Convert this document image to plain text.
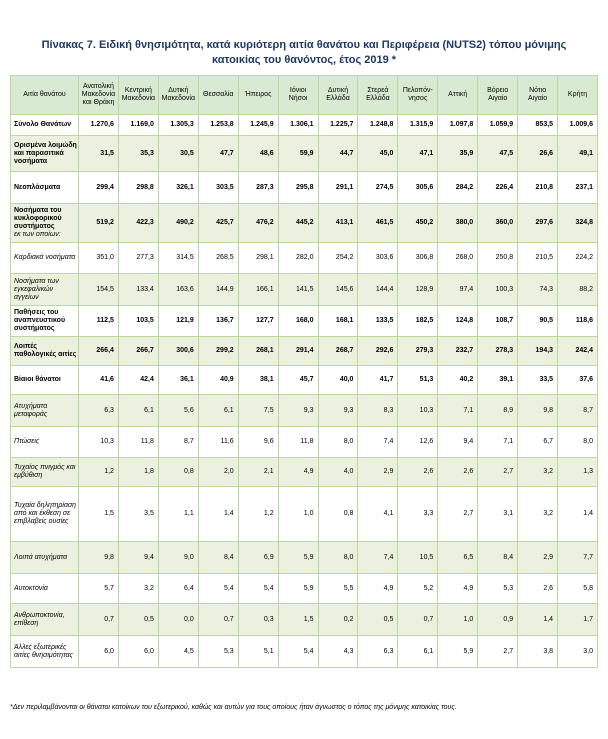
Πίνακας 7. Ειδική θνησιμότητα, κατά κυριότερη αιτία θανάτου και Περιφέρεια (NUTS2) τόπου μόνιμης
κατοικίας του θανόντος, έτος 2019 *
Αιτία θανάτου	Ανατολική Μακεδονία και Θράκη	Κεντρική Μακεδονία	Δυτική Μακεδονία	Θεσσαλία	Ήπειρος	Ιόνιοι Νήσοι	Δυτική Ελλάδα	Στερεά Ελλάδα	Πελοπόν-νησος	Αττική	Βόρειο Αιγαίο	Νότιο Αιγαίο	Κρήτη
Σύνολο Θανάτων	1.270,6	1.169,0	1.305,3	1.253,8	1.245,9	1.306,1	1.225,7	1.248,8	1.315,9	1.097,8	1.059,9	853,5	1.009,6
Ορισμένα λοιμώδη και παρασιτικά νοσήματα	31,5	35,3	30,5	47,7	48,6	59,9	44,7	45,0	47,1	35,9	47,5	26,6	49,1
Νεοπλάσματα	299,4	298,8	326,1	303,5	287,3	295,8	291,1	274,5	305,6	284,2	226,4	210,8	237,1
Νοσήματα του κυκλοφορικού συστήματος
εκ των οποίων:	519,2	422,3	490,2	425,7	476,2	445,2	413,1	461,5	450,2	380,0	360,0	297,6	324,8
Καρδιακά νοσήματα	351,0	277,3	314,5	268,5	298,1	282,0	254,2	303,6	306,8	268,0	250,8	210,5	224,2
Νοσήματα των εγκεφαλικών αγγείων	154,5	133,4	163,6	144,9	166,1	141,5	145,6	144,4	128,9	97,4	100,3	74,3	88,2
Παθήσεις του αναπνευστικού συστήματος	112,5	103,5	121,9	136,7	127,7	168,0	168,1	133,5	182,5	124,8	108,7	90,5	118,6
Λοιπές παθολογικές αιτίες	266,4	266,7	300,6	299,2	268,1	291,4	268,7	292,6	279,3	232,7	278,3	194,3	242,4
Βίαιοι θάνατοι	41,6	42,4	36,1	40,9	38,1	45,7	40,0	41,7	51,3	40,2	39,1	33,5	37,6
Ατυχήματα μεταφοράς	6,3	6,1	5,6	6,1	7,5	9,3	9,3	8,3	10,3	7,1	8,9	9,8	8,7
Πτώσεις	10,3	11,8	8,7	11,6	9,6	11,8	8,0	7,4	12,6	9,4	7,1	6,7	8,0
Τυχαίος πνιγμός και εμβύθιση	1,2	1,8	0,8	2,0	2,1	4,9	4,0	2,9	2,6	2,6	2,7	3,2	1,3
Τυχαία δηλητηρίαση από και έκθεση σε επιβλαβείς ουσίες	1,5	3,5	1,1	1,4	1,2	1,0	0,8	4,1	3,3	2,7	3,1	3,2	1,4
Λοιπά ατυχήματα	9,8	9,4	9,0	8,4	6,9	5,9	8,0	7,4	10,5	6,5	8,4	2,9	7,7
Αυτοκτονία	5,7	3,2	6,4	5,4	5,4	5,9	5,5	4,9	5,2	4,9	5,3	2,6	5,8
Ανθρωποκτονία, επίθεση	0,7	0,5	0,0	0,7	0,3	1,5	0,2	0,5	0,7	1,0	0,9	1,4	1,7
Άλλες εξωτερικές αιτίες θνησιμότητας	6,0	6,0	4,5	5,3	5,1	5,4	4,3	6,3	6,1	5,9	2,7	3,8	3,0
*Δεν περιλαμβάνονται οι θάνατοι κατοίκων του εξωτερικού, καθώς και αυτών για τους οποίους ήταν άγνωστος ο τόπος της μόνιμης κατοικίας τους.
